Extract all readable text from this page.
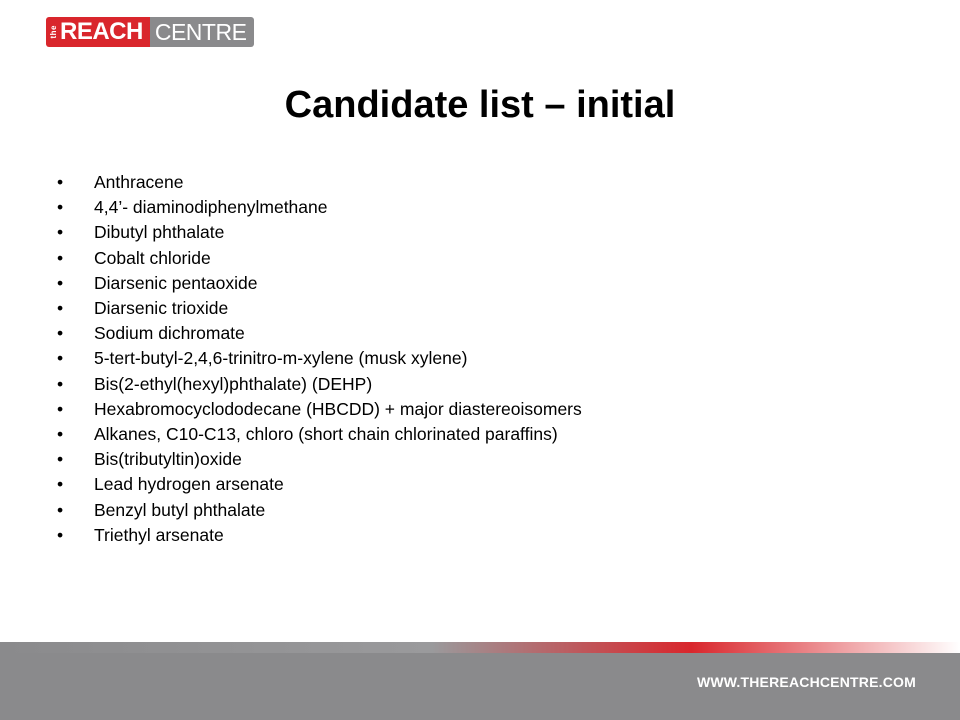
the REACH CENTRE
Candidate list – initial
•	Anthracene
•	4,4’- diaminodiphenylmethane
•	Dibutyl phthalate
•	Cobalt chloride
•	Diarsenic pentaoxide
•	Diarsenic trioxide
•	Sodium dichromate
•	5-tert-butyl-2,4,6-trinitro-m-xylene (musk xylene)
•	Bis(2-ethyl(hexyl)phthalate) (DEHP)
•	Hexabromocyclododecane (HBCDD) + major diastereoisomers
•	Alkanes, C10-C13, chloro (short chain chlorinated paraffins)
•	Bis(tributyltin)oxide
•	Lead hydrogen arsenate
•	Benzyl butyl phthalate
•	Triethyl arsenate
WWW.THEREACHCENTRE.COM
